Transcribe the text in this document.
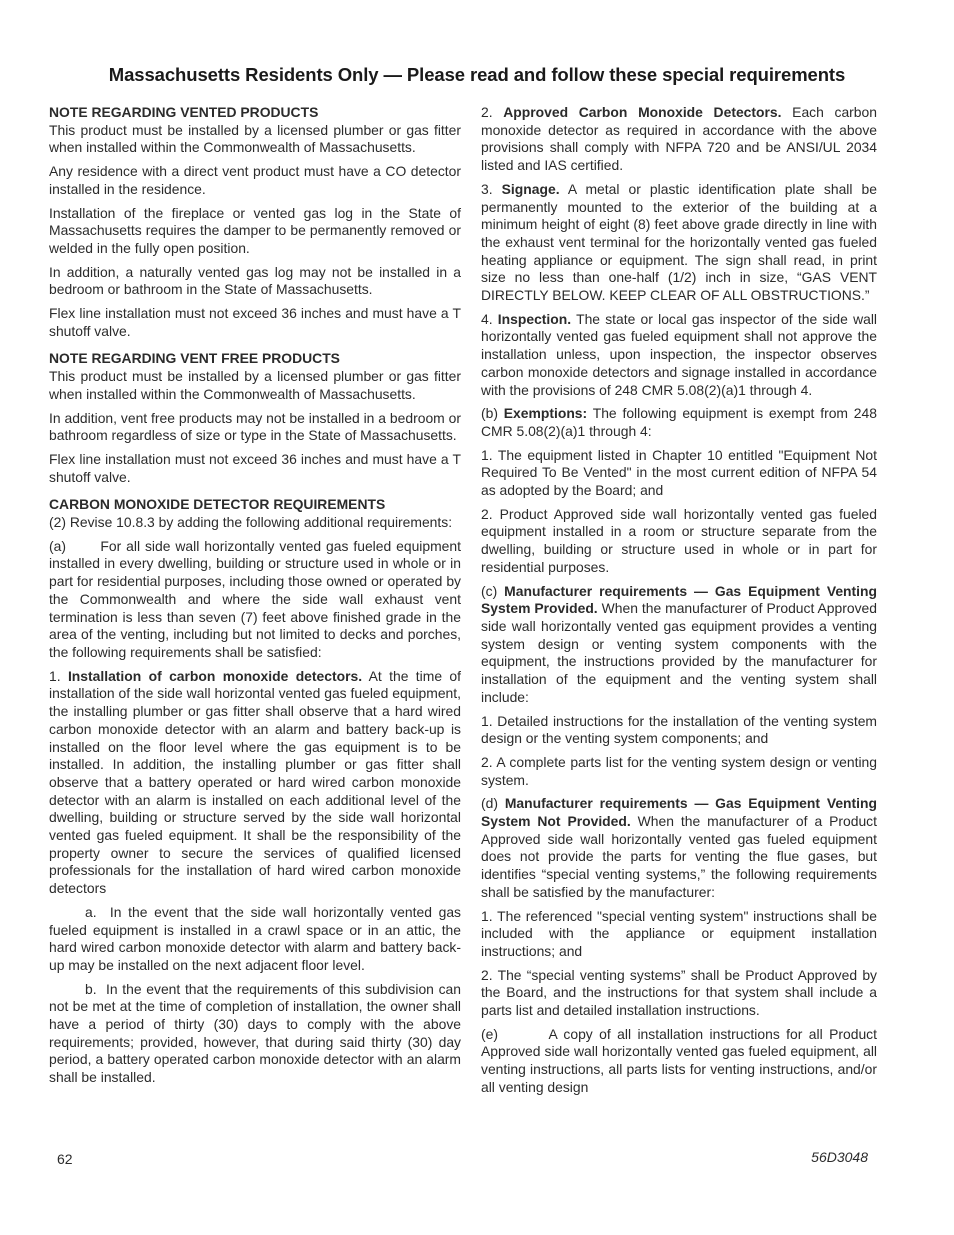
Massachusetts Residents Only — Please read and follow these special requirements

NOTE REGARDING VENTED PRODUCTS
This product must be installed by a licensed plumber or gas fitter when installed within the Commonwealth of Massachusetts.

Any residence with a direct vent product must have a CO detector installed in the residence.

Installation of the fireplace or vented gas log in the State of Massachusetts requires the damper to be permanently removed or welded in the fully open position.

In addition, a naturally vented gas log may not be installed in a bedroom or bathroom in the State of Massachusetts.

Flex line installation must not exceed 36 inches and must have a T shutoff valve.

NOTE REGARDING VENT FREE PRODUCTS
This product must be installed by a licensed plumber or gas fitter when installed within the Commonwealth of Massachusetts.

In addition, vent free products may not be installed in a bedroom or bathroom regardless of size or type in the State of Massachusetts.

Flex line installation must not exceed 36 inches and must have a T shutoff valve.

CARBON MONOXIDE DETECTOR REQUIREMENTS
(2) Revise 10.8.3 by adding the following additional requirements:

(a)       For all side wall horizontally vented gas fueled equipment installed in every dwelling, building or structure used in whole or in part for residential purposes, including those owned or operated by the Commonwealth and where the side wall exhaust vent termination is less than seven (7) feet above finished grade in the area of the venting, including but not limited to decks and porches, the following requirements shall be satisfied:

1. Installation of carbon monoxide detectors. At the time of installation of the side wall horizontal vented gas fueled equipment, the installing plumber or gas fitter shall observe that a hard wired carbon monoxide detector with an alarm and battery back-up is installed on the floor level where the gas equipment is to be installed. In addition, the installing plumber or gas fitter shall observe that a battery operated or hard wired carbon monoxide detector with an alarm is installed on each additional level of the dwelling, building or structure served by the side wall horizontal vented gas fueled equipment. It shall be the responsibility of the property owner to secure the services of qualified licensed professionals for the installation of hard wired carbon monoxide detectors

a.  In the event that the side wall horizontally vented gas fueled equipment is installed in a crawl space or in an attic, the hard wired carbon monoxide detector with alarm and battery back-up may be installed on the next adjacent floor level.

b.  In the event that the requirements of this subdivision can not be met at the time of completion of installation, the owner shall have a period of thirty (30) days to comply with the above requirements; provided, however, that during said thirty (30) day period, a battery operated carbon monoxide detector with an alarm shall be installed.

2. Approved Carbon Monoxide Detectors. Each carbon monoxide detector as required in accordance with the above provisions shall comply with NFPA 720 and be ANSI/UL 2034 listed and IAS certified.

3. Signage. A metal or plastic identification plate shall be permanently mounted to the exterior of the building at a minimum height of eight (8) feet above grade directly in line with the exhaust vent terminal for the horizontally vented gas fueled heating appliance or equipment. The sign shall read, in print size no less than one-half (1/2) inch in size, “GAS VENT DIRECTLY BELOW. KEEP CLEAR OF ALL OBSTRUCTIONS.”

4. Inspection. The state or local gas inspector of the side wall horizontally vented gas fueled equipment shall not approve the installation unless, upon inspection, the inspector observes carbon monoxide detectors and signage installed in accordance with the provisions of 248 CMR 5.08(2)(a)1 through 4.

(b) Exemptions: The following equipment is exempt from 248 CMR 5.08(2)(a)1 through 4:

1. The equipment listed in Chapter 10 entitled "Equipment Not Required To Be Vented" in the most current edition of NFPA 54 as adopted by the Board; and

2. Product Approved side wall horizontally vented gas fueled equipment installed in a room or structure separate from the dwelling, building or structure used in whole or in part for residential purposes.

(c) Manufacturer requirements — Gas Equipment Venting System Provided. When the manufacturer of Product Approved side wall horizontally vented gas equipment provides a venting system design or venting system components with the equipment, the instructions provided by the manufacturer for installation of the equipment and the venting system shall include:

1. Detailed instructions for the installation of the venting system design or the venting system components; and

2. A complete parts list for the venting system design or venting system.

(d) Manufacturer requirements — Gas Equipment Venting System Not Provided. When the manufacturer of a Product Approved side wall horizontally vented gas fueled equipment does not provide the parts for venting the flue gases, but identifies “special venting systems,” the following requirements shall be satisfied by the manufacturer:

1. The referenced "special venting system" instructions shall be included with the appliance or equipment installation instructions; and

2. The “special venting systems” shall be Product Approved by the Board, and the instructions for that system shall include a parts list and detailed installation instructions.

(e)        A copy of all installation instructions for all Product Approved side wall horizontally vented gas fueled equipment, all venting instructions, all parts lists for venting instructions, and/or all venting design

62	56D3048
